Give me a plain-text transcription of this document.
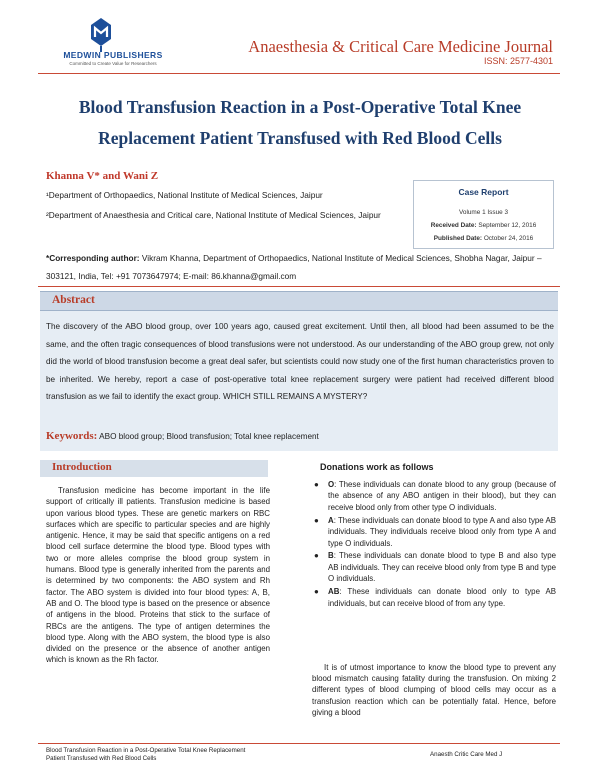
MEDWIN PUBLISHERS
Committed to Create Value for Researchers
Anaesthesia & Critical Care Medicine Journal
ISSN: 2577-4301
Blood Transfusion Reaction in a Post-Operative Total Knee Replacement Patient Transfused with Red Blood Cells
Khanna V* and Wani Z
¹Department of Orthopaedics, National Institute of Medical Sciences, Jaipur
²Department of Anaesthesia and Critical care, National Institute of Medical Sciences, Jaipur
*Corresponding author: Vikram Khanna, Department of Orthopaedics, National Institute of Medical Sciences, Shobha Nagar, Jaipur – 303121, India, Tel: +91 7073647974; E-mail: 86.khanna@gmail.com
Case Report
Volume 1 Issue 3
Received Date: September 12, 2016
Published Date: October 24, 2016
Abstract
The discovery of the ABO blood group, over 100 years ago, caused great excitement. Until then, all blood had been assumed to be the same, and the often tragic consequences of blood transfusions were not understood. As our understanding of the ABO group grew, not only did the world of blood transfusion become a great deal safer, but scientists could now study one of the first human characteristics proven to be inherited. We hereby, report a case of post-operative total knee replacement surgery were patient had received different blood transfusion as we fail to identify the exact group. WHICH STILL REMAINS A MYSTERY?
Keywords: ABO blood group; Blood transfusion; Total knee replacement
Introduction
Transfusion medicine has become important in the life support of critically ill patients. Transfusion medicine is based upon various blood types. These are genetic markers on RBC surfaces which are specific to particular species and are highly antigenic. Hence, it may be said that specific antigens on a red blood cell surface determine the blood type. Blood types with two or more alleles comprise the blood group system in humans. Blood type is generally inherited from the parents and is determined by two components: the ABO system and Rh factor. The ABO system is divided into four blood types: A, B, AB and O. The blood type is based on the presence or absence of antigens in the blood. Proteins that stick to the surface of RBCs are the antigens. The type of antigen determines the blood type. Along with the ABO system, the blood type is also divided on the presence or the absence of another antigen which is known as the Rh factor.
Donations work as follows
● O: These individuals can donate blood to any group (because of the absence of any ABO antigen in their blood), but they can receive blood only from other type O individuals.
● A: These individuals can donate blood to type A and also type AB individuals. They individuals receive blood only from type A and type O individuals.
● B: These individuals can donate blood to type B and also type AB individuals. They can receive blood only from type B and type O individuals.
● AB: These individuals can donate blood only to type AB individuals, but can receive blood of from any type.
It is of utmost importance to know the blood type to prevent any blood mismatch causing fatality during the transfusion. On mixing 2 different types of blood clumping of blood cells may occur as a transfusion reaction which can be potentially fatal. Hence, before giving a blood
Blood Transfusion Reaction in a Post-Operative Total Knee Replacement
Patient Transfused with Red Blood Cells
Anaesth Critic Care Med J
